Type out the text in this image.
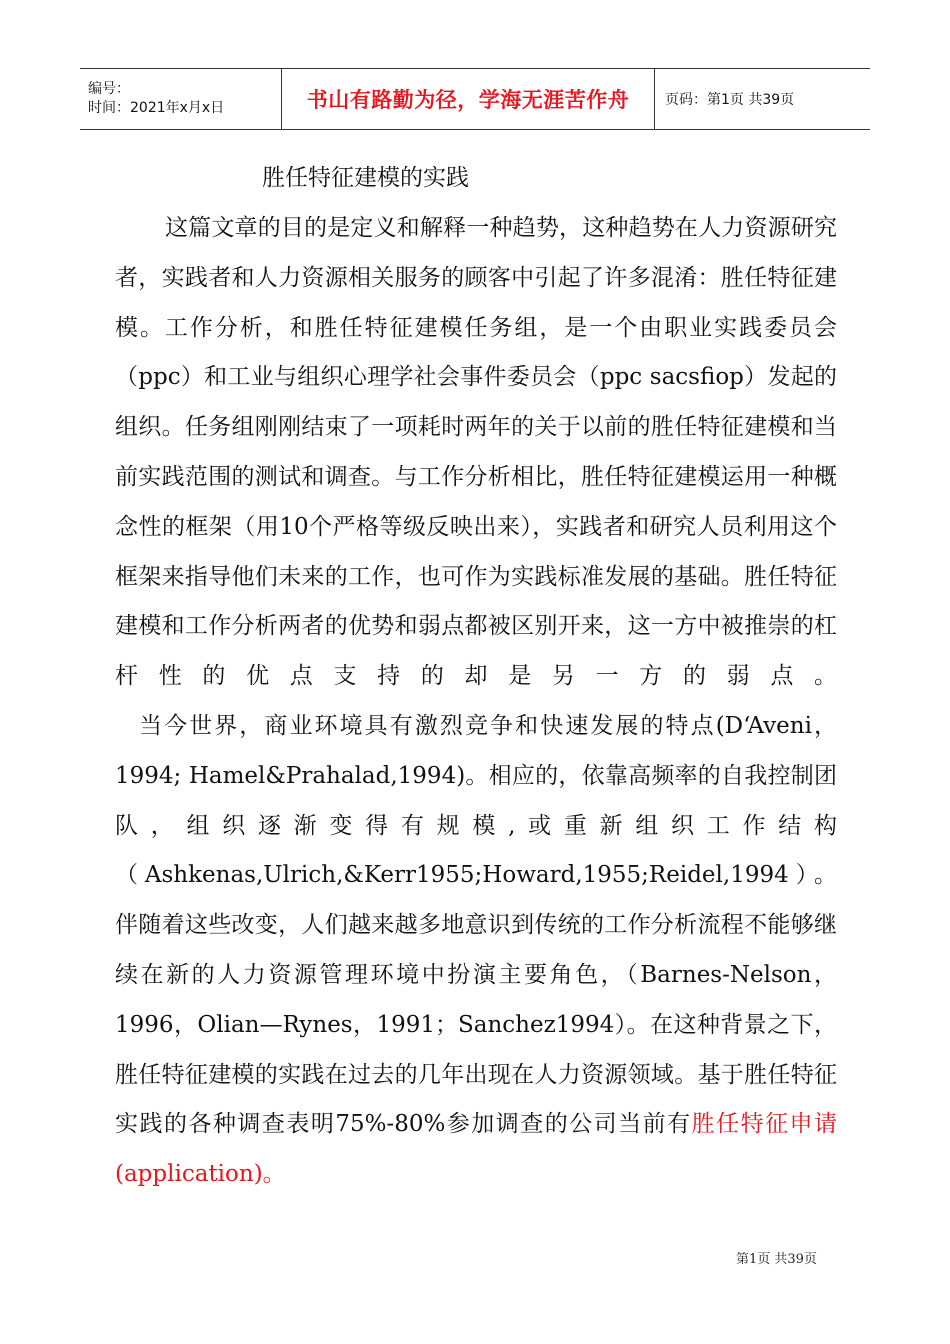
编号：
时间：2021年x月x日	书山有路勤为径，学海无涯苦作舟	页码：第1页 共39页
胜任特征建模的实践

这篇文章的目的是定义和解释一种趋势，这种趋势在人力资源研究者，实践者和人力资源相关服务的顾客中引起了许多混淆：胜任特征建模。工作分析，和胜任特征建模任务组，是一个由职业实践委员会（ppc）和工业与组织心理学社会事件委员会（ppc sacsfiop）发起的组织。任务组刚刚结束了一项耗时两年的关于以前的胜任特征建模和当前实践范围的测试和调查。与工作分析相比，胜任特征建模运用一种概念性的框架（用10个严格等级反映出来），实践者和研究人员利用这个框架来指导他们未来的工作，也可作为实践标准发展的基础。胜任特征建模和工作分析两者的优势和弱点都被区别开来，这一方中被推崇的杠杆性的优点支持的却是另一方的弱点。

当今世界，商业环境具有激烈竞争和快速发展的特点(D‘Aveni，1994; Hamel&Prahalad,1994)。相应的，依靠高频率的自我控制团队，组织逐渐变得有规模,或重新组织工作结构（Ashkenas,Ulrich,&Kerr1955;Howard,1955;Reidel,1994）。伴随着这些改变，人们越来越多地意识到传统的工作分析流程不能够继续在新的人力资源管理环境中扮演主要角色，（Barnes-Nelson，1996，Olian—Rynes，1991；Sanchez1994）。在这种背景之下，胜任特征建模的实践在过去的几年出现在人力资源领域。基于胜任特征实践的各种调查表明75%-80%参加调查的公司当前有胜任特征申请(application)。

第1页 共39页
